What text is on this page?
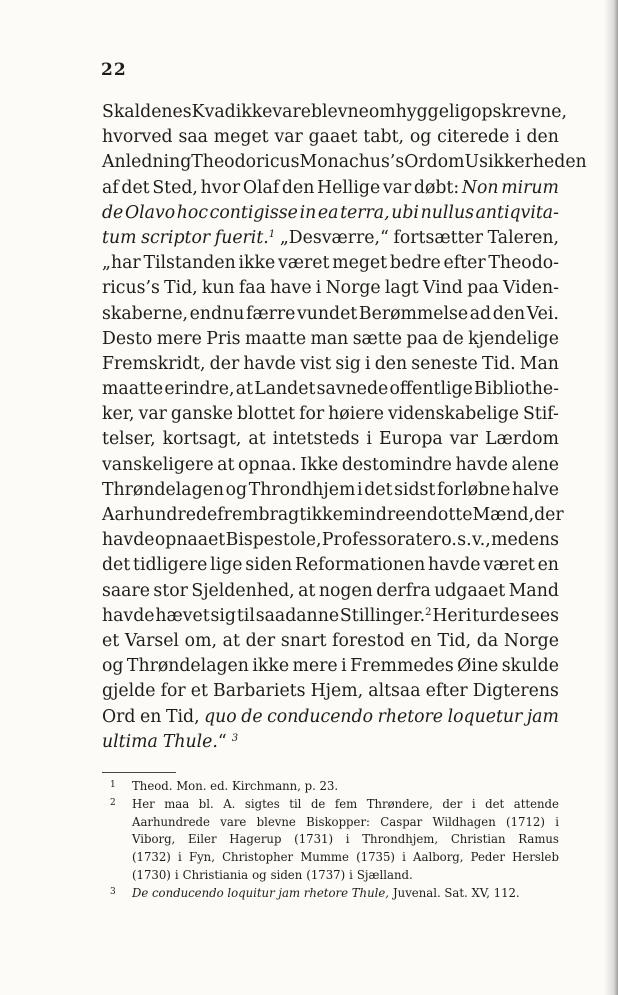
22
Skaldenes Kvad ikke vare blevne omhyggelig opskrevne,
hvorved saa meget var gaaet tabt, og citerede i den
Anledning Theodoricus Monachus’s Ord om Usikkerheden
af det Sted, hvor Olaf den Hellige var døbt: Non mirum
de Olavo hoc contigisse in ea terra, ubi nullus antiqvita-
tum scriptor fuerit.$^1$ „Desværre,“ fortsætter Taleren,
„har Tilstanden ikke været meget bedre efter Theodo-
ricus’s Tid, kun faa have i Norge lagt Vind paa Viden-
skaberne, endnu færre vundet Berømmelse ad den Vei.
Desto mere Pris maatte man sætte paa de kjendelige
Fremskridt, der havde vist sig i den seneste Tid. Man
maatte erindre, at Landet savnede offentlige Bibliothe-
ker, var ganske blottet for høiere videnskabelige Stif-
telser, kortsagt, at intetsteds i Europa var Lærdom
vanskeligere at opnaa. Ikke destomindre havde alene
Thrøndelagen og Throndhjem i det sidst forløbne halve
Aarhundrede frembragt ikke mindre end otte Mænd, der
havde opnaaet Bispestole, Professorater o. s. v., medens
det tidligere lige siden Reformationen havde været en
saare stor Sjeldenhed, at nogen derfra udgaaet Mand
havde hævet sig til saadanne Stillinger.$^2$ Heri turde sees
et Varsel om, at der snart forestod en Tid, da Norge
og Thrøndelagen ikke mere i Fremmedes Øine skulde
gjelde for et Barbariets Hjem, altsaa efter Digterens
Ord en Tid, quo de conducendo rhetore loquetur jam
ultima Thule.“ $^3$
1	Theod. Mon. ed. Kirchmann, p. 23.
2	Her maa bl. A. sigtes til de fem Thrøndere, der i det attende
Aarhundrede vare blevne Biskopper: Caspar Wildhagen (1712) i
Viborg, Eiler Hagerup (1731) i Throndhjem, Christian Ramus
(1732) i Fyn, Christopher Mumme (1735) i Aalborg, Peder Hersleb
(1730) i Christiania og siden (1737) i Sjælland.
3	De conducendo loquitur jam rhetore Thule, Juvenal. Sat. XV, 112.
